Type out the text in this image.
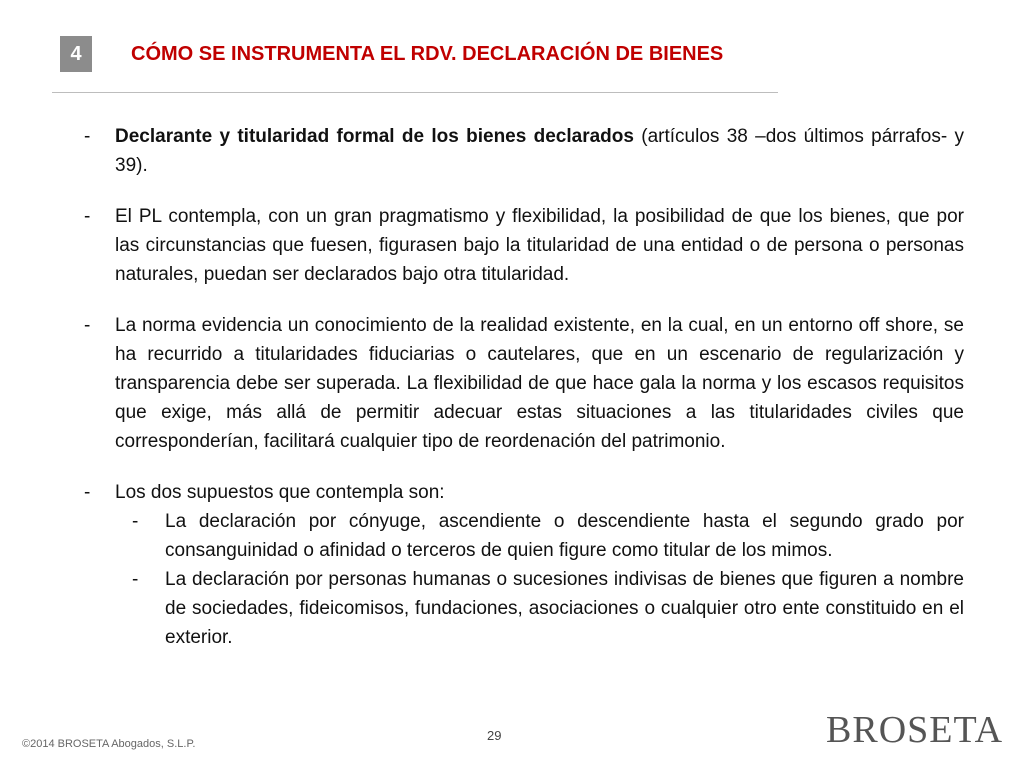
4	CÓMO SE INSTRUMENTA EL RDV. DECLARACIÓN DE BIENES
- Declarante y titularidad formal de los bienes declarados (artículos 38 –dos últimos párrafos- y 39).
- El PL contempla, con un gran pragmatismo y flexibilidad, la posibilidad de que los bienes, que por las circunstancias que fuesen, figurasen bajo la titularidad de una entidad o de persona o personas naturales, puedan ser declarados bajo otra titularidad.
- La norma evidencia un conocimiento de la realidad existente, en la cual, en un entorno off shore, se ha recurrido a titularidades fiduciarias o cautelares, que en un escenario de regularización y transparencia debe ser superada. La flexibilidad de que hace gala la norma y los escasos requisitos que exige, más allá de permitir adecuar estas situaciones a las titularidades civiles que corresponderían, facilitará cualquier tipo de reordenación del patrimonio.
- Los dos supuestos que contempla son:
-	La declaración por cónyuge, ascendiente o descendiente hasta el segundo grado por consanguinidad o afinidad o terceros de quien figure como titular de los mimos.
-	La declaración por personas humanas o sucesiones indivisas de bienes que figuren a nombre de sociedades, fideicomisos, fundaciones, asociaciones o cualquier otro ente constituido en el exterior.
©2014 BROSETA Abogados, S.L.P.
29	BROSETA
